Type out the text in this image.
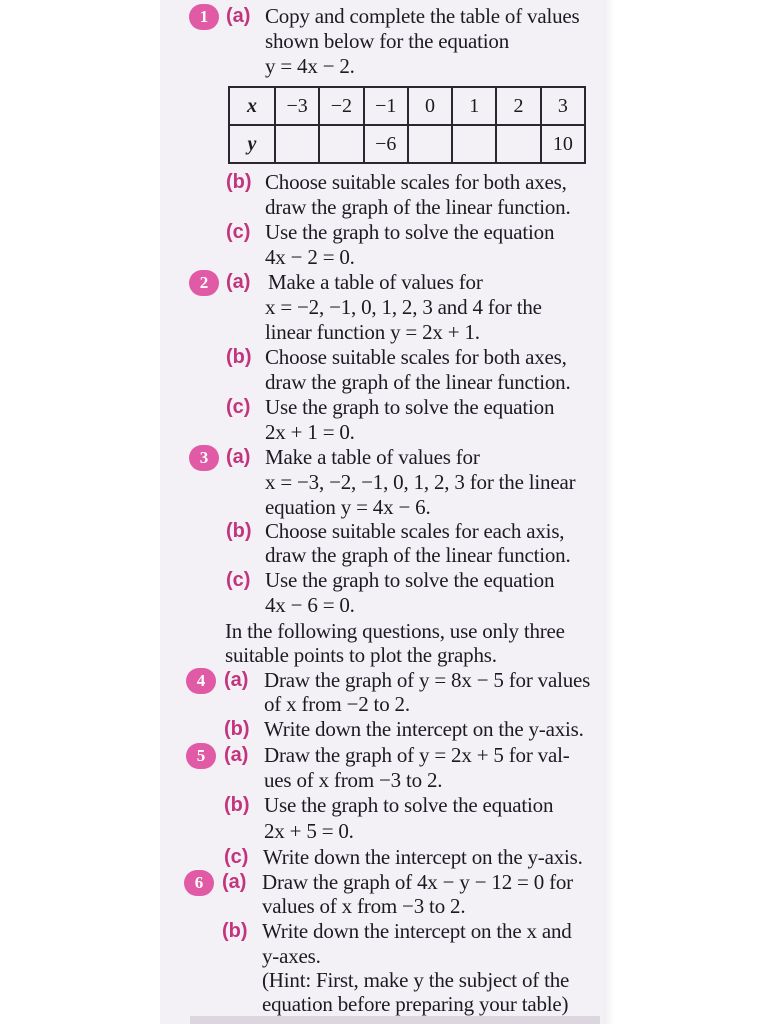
1 (a) Copy and complete the table of values
shown below for the equation
y = 4x − 2.
x	−3	−2	−1	0	1	2	3
y			−6				10
(b) Choose suitable scales for both axes,
draw the graph of the linear function.
(c) Use the graph to solve the equation
4x − 2 = 0.
2 (a) Make a table of values for
x = −2, −1, 0, 1, 2, 3 and 4 for the
linear function y = 2x + 1.
(b) Choose suitable scales for both axes,
draw the graph of the linear function.
(c) Use the graph to solve the equation
2x + 1 = 0.
3 (a) Make a table of values for
x = −3, −2, −1, 0, 1, 2, 3 for the linear
equation y = 4x − 6.
(b) Choose suitable scales for each axis,
draw the graph of the linear function.
(c) Use the graph to solve the equation
4x − 6 = 0.
In the following questions, use only three
suitable points to plot the graphs.
4 (a) Draw the graph of y = 8x − 5 for values
of x from −2 to 2.
(b) Write down the intercept on the y-axis.
5 (a) Draw the graph of y = 2x + 5 for val-
ues of x from −3 to 2.
(b) Use the graph to solve the equation
2x + 5 = 0.
(c) Write down the intercept on the y-axis.
6 (a) Draw the graph of 4x − y − 12 = 0 for
values of x from −3 to 2.
(b) Write down the intercept on the x and
y-axes.
(Hint: First, make y the subject of the
equation before preparing your table)
